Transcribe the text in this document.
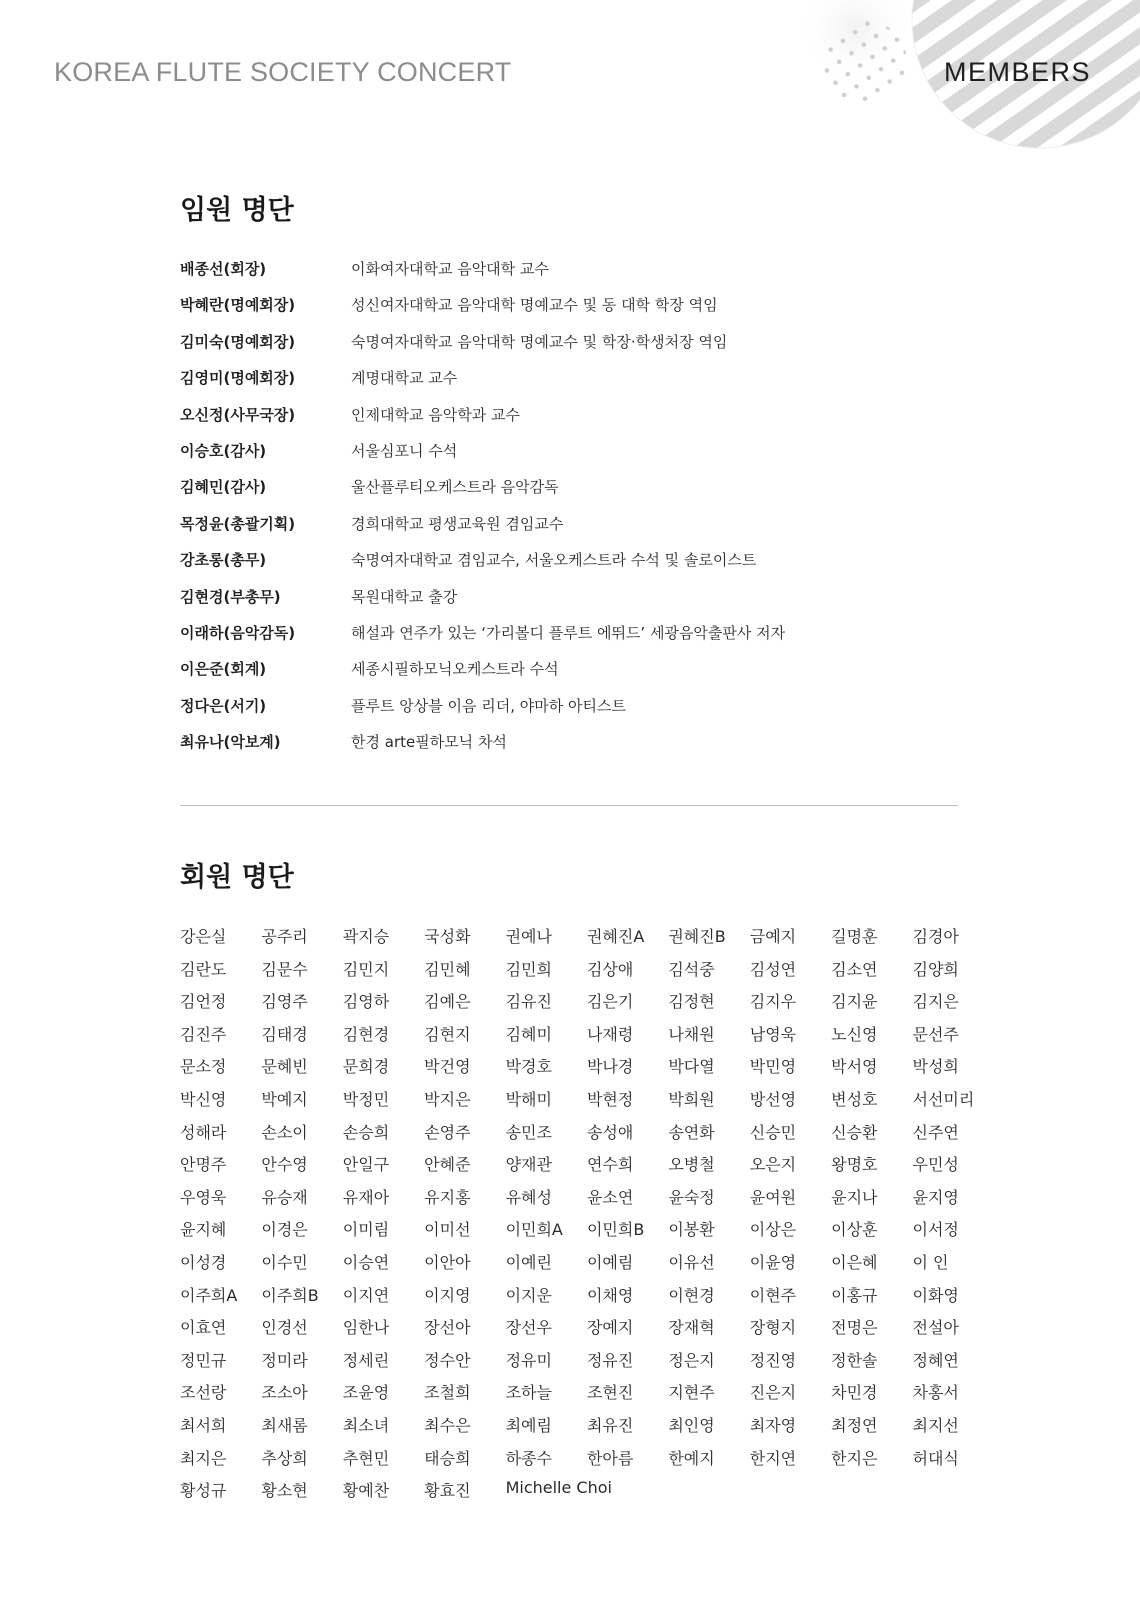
KOREA FLUTE SOCIETY CONCERT	MEMBERS
임원 명단
배종선(회장)	이화여자대학교 음악대학 교수
박혜란(명예회장)	성신여자대학교 음악대학 명예교수 및 동 대학 학장 역임
김미숙(명예회장)	숙명여자대학교 음악대학 명예교수 및 학장·학생처장 역임
김영미(명예회장)	계명대학교 교수
오신정(사무국장)	인제대학교 음악학과 교수
이승호(감사)	서울심포니 수석
김혜민(감사)	울산플루티오케스트라 음악감독
목정윤(총괄기획)	경희대학교 평생교육원 겸임교수
강초롱(총무)	숙명여자대학교 겸임교수, 서울오케스트라 수석 및 솔로이스트
김현경(부총무)	목원대학교 출강
이래하(음악감독)	해설과 연주가 있는 ‘가리볼디 플루트 에뛰드’ 세광음악출판사 저자
이은준(회계)	세종시필하모닉오케스트라 수석
정다은(서기)	플루트 앙상블 이음 리더, 야마하 아티스트
최유나(악보계)	한경 arte필하모닉 차석
회원 명단
강은실	공주리	곽지승	국성화	권예나	권혜진A	권혜진B	금예지	길명훈	김경아
김란도	김문수	김민지	김민혜	김민희	김상애	김석중	김성연	김소연	김양희
김언정	김영주	김영하	김예은	김유진	김은기	김정현	김지우	김지윤	김지은
김진주	김태경	김현경	김현지	김혜미	나재령	나채원	남영욱	노신영	문선주
문소정	문혜빈	문희경	박건영	박경호	박나경	박다열	박민영	박서영	박성희
박신영	박예지	박정민	박지은	박해미	박현정	박희원	방선영	변성호	서선미리
성해라	손소이	손승희	손영주	송민조	송성애	송연화	신승민	신승환	신주연
안명주	안수영	안일구	안혜준	양재관	연수희	오병철	오은지	왕명호	우민성
우영욱	유승재	유재아	유지홍	유혜성	윤소연	윤숙정	윤여원	윤지나	윤지영
윤지혜	이경은	이미림	이미선	이민희A	이민희B	이봉환	이상은	이상훈	이서정
이성경	이수민	이승연	이안아	이예린	이예림	이유선	이윤영	이은혜	이 인
이주희A	이주희B	이지연	이지영	이지운	이채영	이현경	이현주	이홍규	이화영
이효연	인경선	임한나	장선아	장선우	장예지	장재혁	장형지	전명은	전설아
정민규	정미라	정세린	정수안	정유미	정유진	정은지	정진영	정한솔	정혜연
조선랑	조소아	조윤영	조철희	조하늘	조현진	지현주	진은지	차민경	차홍서
최서희	최새롬	최소녀	최수은	최예림	최유진	최인영	최자영	최정연	최지선
최지은	추상희	추현민	태승희	하종수	한아름	한예지	한지연	한지은	허대식
황성규	황소현	황예찬	황효진	Michelle Choi
